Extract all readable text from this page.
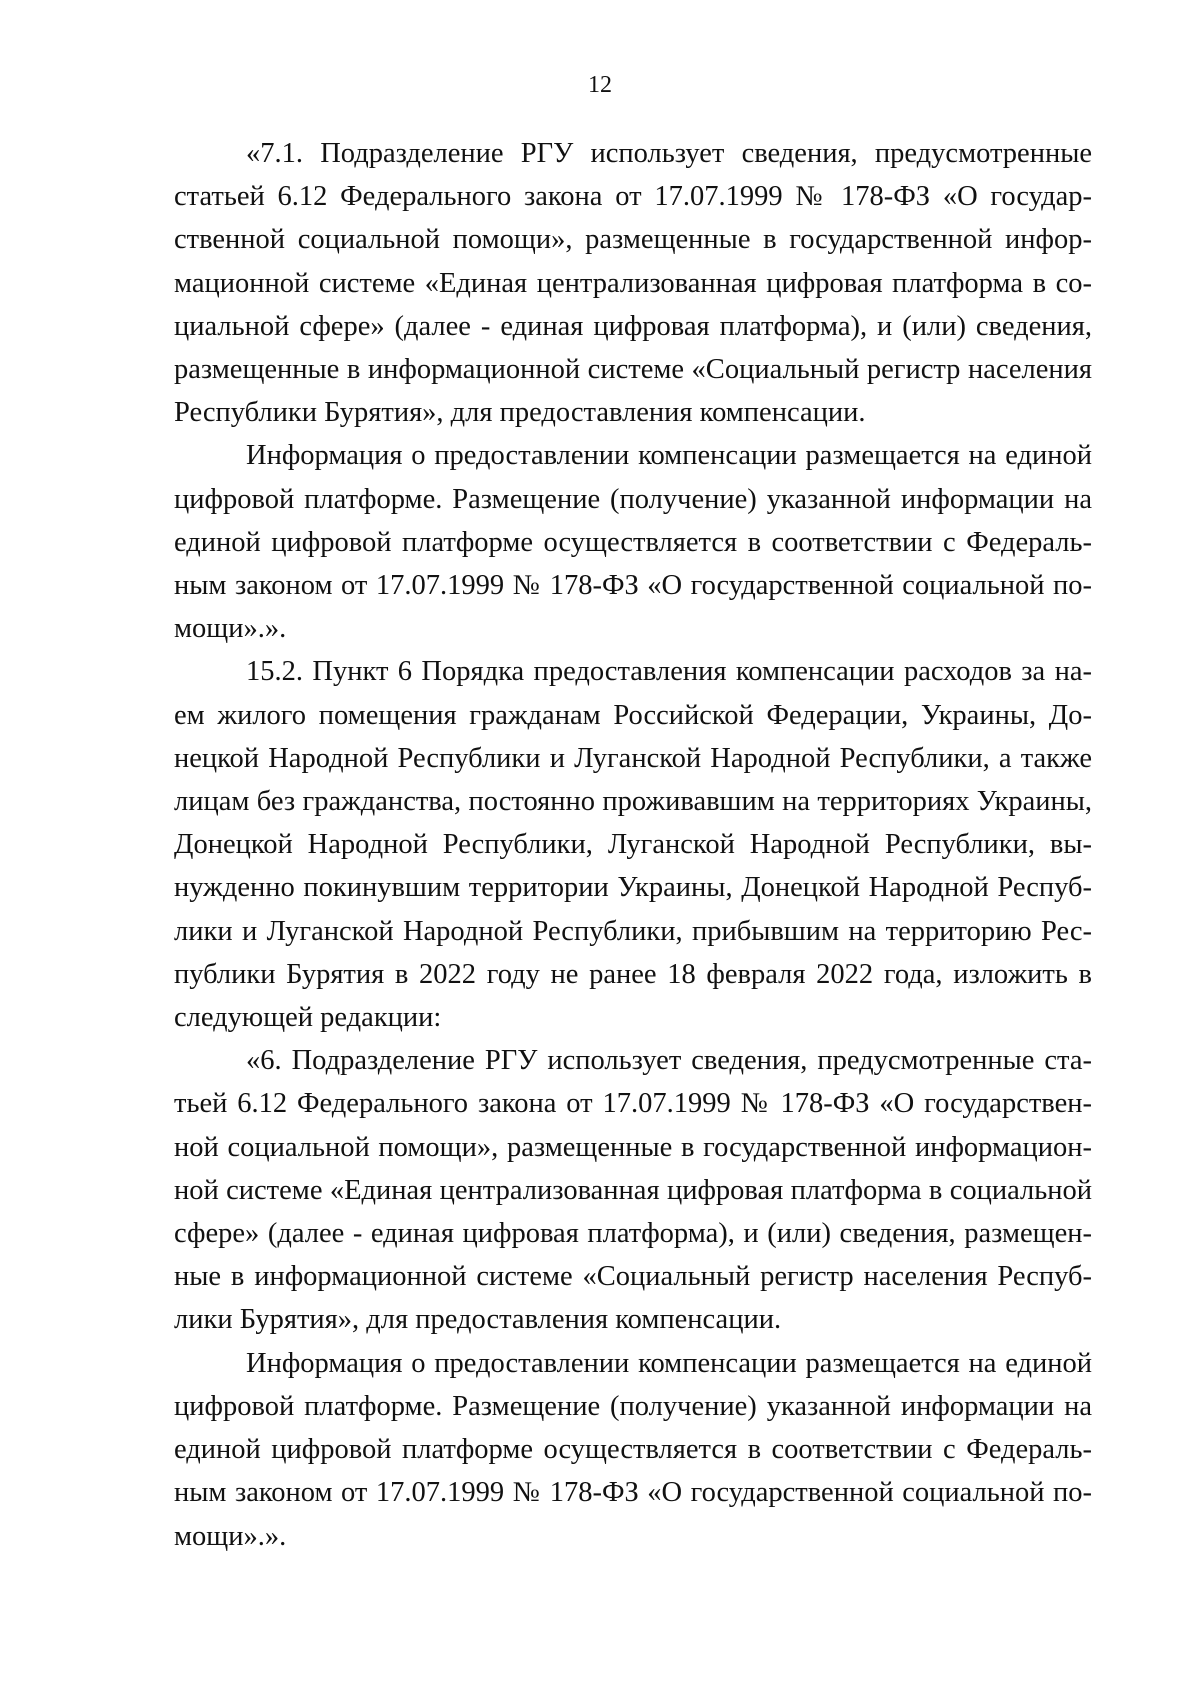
12
«7.1. Подразделение РГУ использует сведения, предусмотренные
статьей 6.12 Федерального закона от 17.07.1999 № 178-ФЗ «О государ-
ственной социальной помощи», размещенные в государственной инфор-
мационной системе «Единая централизованная цифровая платформа в со-
циальной сфере» (далее - единая цифровая платформа), и (или) сведения,
размещенные в информационной системе «Социальный регистр населения
Республики Бурятия», для предоставления компенсации.
Информация о предоставлении компенсации размещается на единой
цифровой платформе. Размещение (получение) указанной информации на
единой цифровой платформе осуществляется в соответствии с Федераль-
ным законом от 17.07.1999 № 178-ФЗ «О государственной социальной по-
мощи».».
15.2. Пункт 6 Порядка предоставления компенсации расходов за на-
ем жилого помещения гражданам Российской Федерации, Украины, До-
нецкой Народной Республики и Луганской Народной Республики, а также
лицам без гражданства, постоянно проживавшим на территориях Украины,
Донецкой Народной Республики, Луганской Народной Республики, вы-
нужденно покинувшим территории Украины, Донецкой Народной Респуб-
лики и Луганской Народной Республики, прибывшим на территорию Рес-
публики Бурятия в 2022 году не ранее 18 февраля 2022 года, изложить в
следующей редакции:
«6. Подразделение РГУ использует сведения, предусмотренные ста-
тьей 6.12 Федерального закона от 17.07.1999 № 178-ФЗ «О государствен-
ной социальной помощи», размещенные в государственной информацион-
ной системе «Единая централизованная цифровая платформа в социальной
сфере» (далее - единая цифровая платформа), и (или) сведения, размещен-
ные в информационной системе «Социальный регистр населения Респуб-
лики Бурятия», для предоставления компенсации.
Информация о предоставлении компенсации размещается на единой
цифровой платформе. Размещение (получение) указанной информации на
единой цифровой платформе осуществляется в соответствии с Федераль-
ным законом от 17.07.1999 № 178-ФЗ «О государственной социальной по-
мощи».».
